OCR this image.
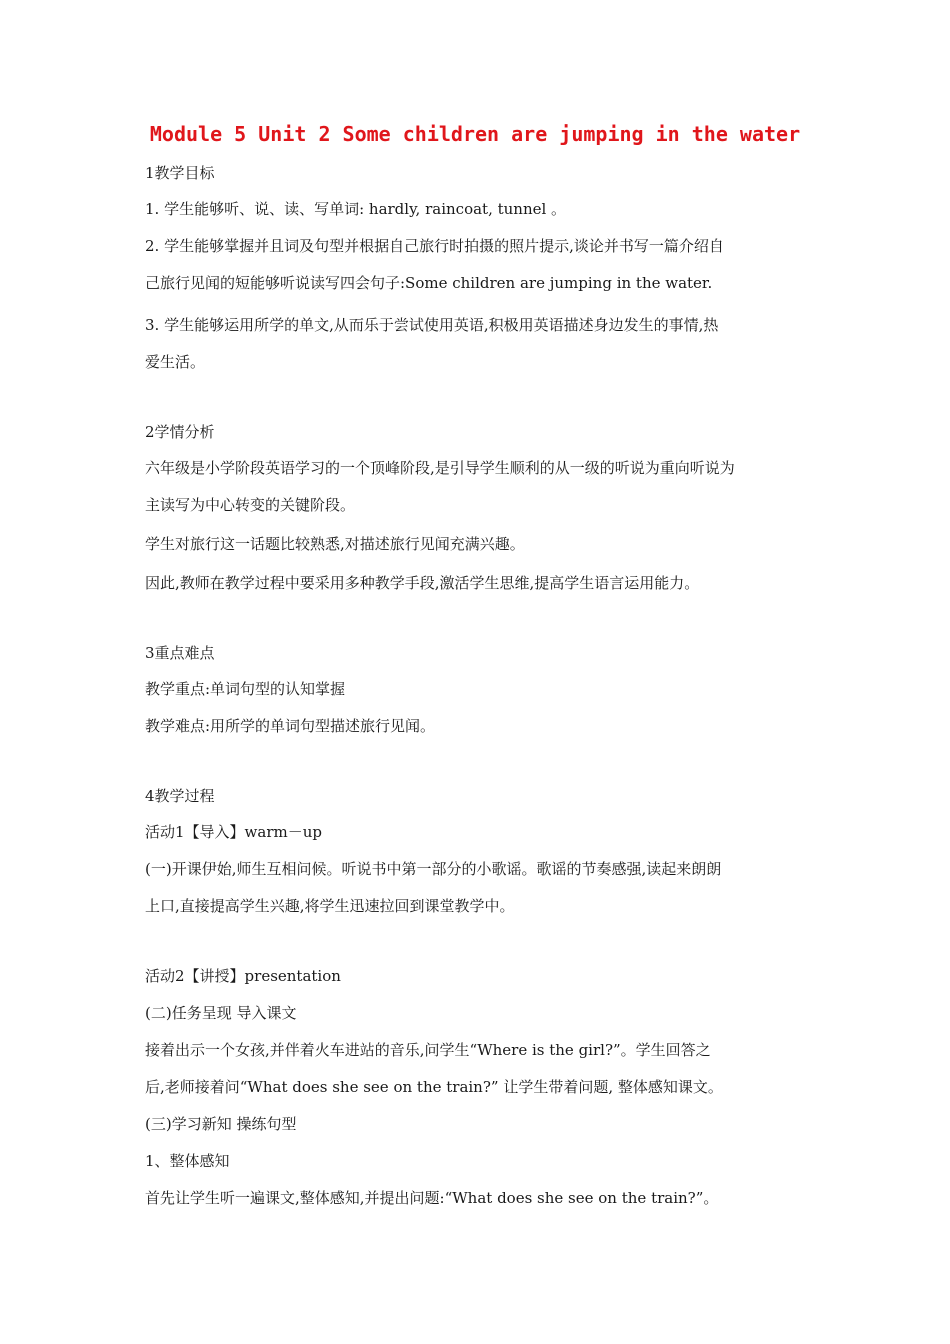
Module 5 Unit 2 Some children are jumping in the water

1教学目标

1. 学生能够听、说、读、写单词: hardly, raincoat, tunnel 。

2. 学生能够掌握并且词及句型并根据自己旅行时拍摄的照片提示,谈论并书写一篇介绍自

己旅行见闻的短能够听说读写四会句子:Some children are jumping in the water.

3. 学生能够运用所学的单文,从而乐于尝试使用英语,积极用英语描述身边发生的事情,热

爱生活。

2学情分析

六年级是小学阶段英语学习的一个顶峰阶段,是引导学生顺利的从一级的听说为重向听说为

主读写为中心转变的关键阶段。

学生对旅行这一话题比较熟悉,对描述旅行见闻充满兴趣。

因此,教师在教学过程中要采用多种教学手段,激活学生思维,提高学生语言运用能力。

3重点难点

教学重点:单词句型的认知掌握

教学难点:用所学的单词句型描述旅行见闻。

4教学过程

活动1【导入】warm－up

(一)开课伊始,师生互相问候。听说书中第一部分的小歌谣。歌谣的节奏感强,读起来朗朗

上口,直接提高学生兴趣,将学生迅速拉回到课堂教学中。

活动2【讲授】presentation

(二)任务呈现 导入课文

接着出示一个女孩,并伴着火车进站的音乐,问学生“Where is the girl?”。学生回答之

后,老师接着问“What does she see on the train?” 让学生带着问题, 整体感知课文。

(三)学习新知 操练句型

1、整体感知

首先让学生听一遍课文,整体感知,并提出问题:“What does she see on the train?”。
